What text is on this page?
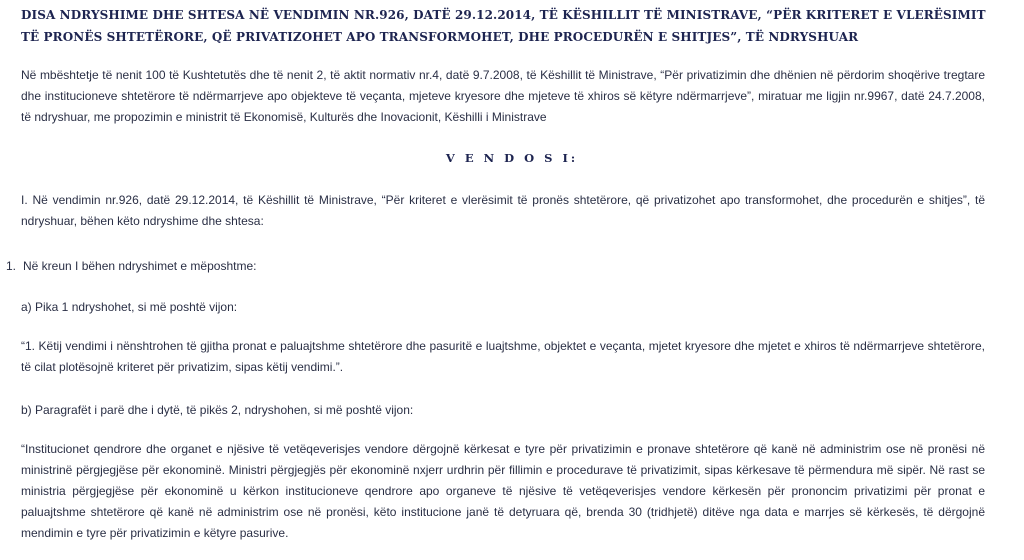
DISA NDRYSHIME DHE SHTESA NË VENDIMIN NR.926, DATË 29.12.2014, TË KËSHILLIT TË MINISTRAVE, “PËR KRITERET E VLERËSIMIT TË PRONËS SHTETËRORE, QË PRIVATIZOHET APO TRANSFORMOHET, DHE PROCEDURËN E SHITJES”, TË NDRYSHUAR

Në mbështetje të nenit 100 të Kushtetutës dhe të nenit 2, të aktit normativ nr.4, datë 9.7.2008, të Këshillit të Ministrave, “Për privatizimin dhe dhënien në përdorim shoqërive tregtare dhe institucioneve shtetërore të ndërmarrjeve apo objekteve të veçanta, mjeteve kryesore dhe mjeteve të xhiros së këtyre ndërmarrjeve”, miratuar me ligjin nr.9967, datë 24.7.2008, të ndryshuar, me propozimin e ministrit të Ekonomisë, Kulturës dhe Inovacionit, Këshilli i Ministrave

V E N D O S I:

I. Në vendimin nr.926, datë 29.12.2014, të Këshillit të Ministrave, “Për kriteret e vlerësimit të pronës shtetërore, që privatizohet apo transformohet, dhe procedurën e shitjes”, të ndryshuar, bëhen këto ndryshime dhe shtesa:

1. Në kreun I bëhen ndryshimet e mëposhtme:

a) Pika 1 ndryshohet, si më poshtë vijon:

“1. Këtij vendimi i nënshtrohen të gjitha pronat e paluajtshme shtetërore dhe pasuritë e luajtshme, objektet e veçanta, mjetet kryesore dhe mjetet e xhiros të ndërmarrjeve shtetërore, të cilat plotësojnë kriteret për privatizim, sipas këtij vendimi.”.

b) Paragrafët i parë dhe i dytë, të pikës 2, ndryshohen, si më poshtë vijon:

“Institucionet qendrore dhe organet e njësive të vetëqeverisjes vendore dërgojnë kërkesat e tyre për privatizimin e pronave shtetërore që kanë në administrim ose në pronësi në ministrinë përgjegjëse për ekonominë. Ministri përgjegjës për ekonominë nxjerr urdhrin për fillimin e procedurave të privatizimit, sipas kërkesave të përmendura më sipër. Në rast se ministria përgjegjëse për ekonominë u kërkon institucioneve qendrore apo organeve të njësive të vetëqeverisjes vendore kërkesën për prononcim privatizimi për pronat e paluajtshme shtetërore që kanë në administrim ose në pronësi, këto institucione janë të detyruara që, brenda 30 (tridhjetë) ditëve nga data e marrjes së kërkesës, të dërgojnë mendimin e tyre për privatizimin e këtyre pasurive.
